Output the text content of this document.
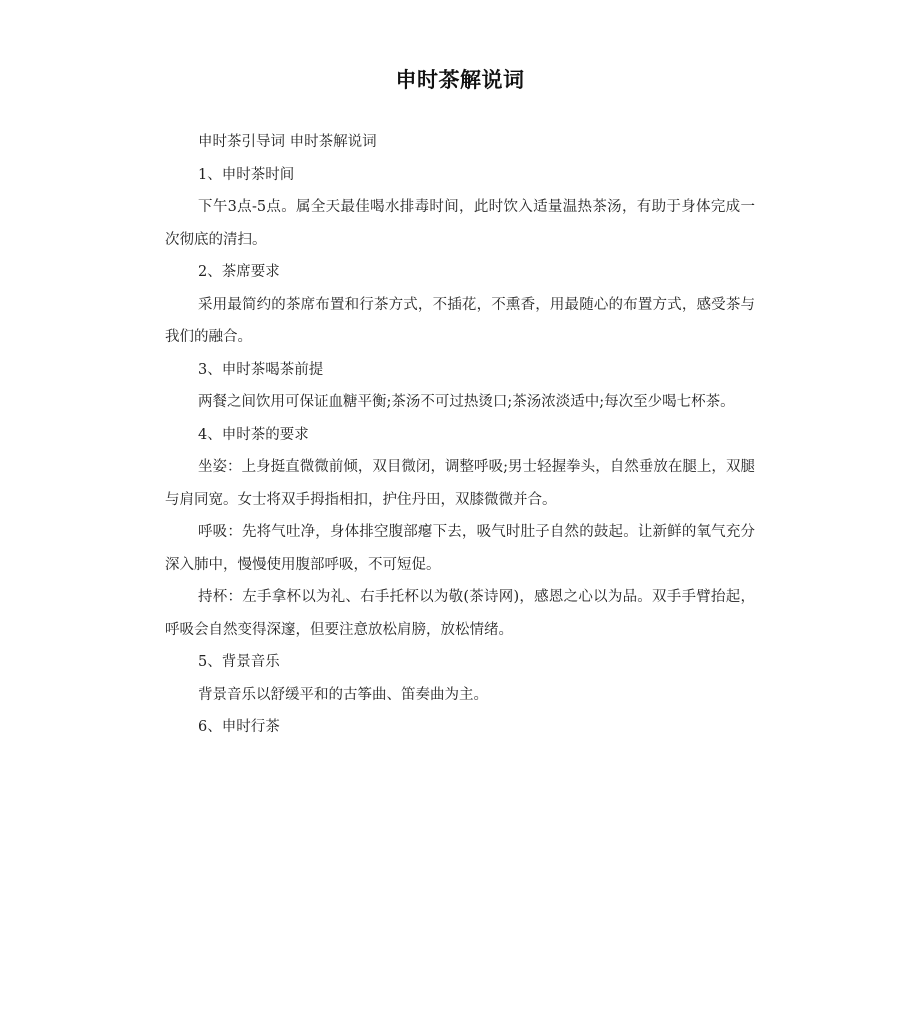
申时茶解说词

申时茶引导词 申时茶解说词

1、申时茶时间

下午3点-5点。属全天最佳喝水排毒时间，此时饮入适量温热茶汤，有助于身体完成一次彻底的清扫。

2、茶席要求

采用最简约的茶席布置和行茶方式，不插花，不熏香，用最随心的布置方式，感受茶与我们的融合。

3、申时茶喝茶前提

两餐之间饮用可保证血糖平衡;茶汤不可过热烫口;茶汤浓淡适中;每次至少喝七杯茶。

4、申时茶的要求

坐姿：上身挺直微微前倾，双目微闭，调整呼吸;男士轻握拳头，自然垂放在腿上，双腿与肩同宽。女士将双手拇指相扣，护住丹田，双膝微微并合。

呼吸：先将气吐净，身体排空腹部瘪下去，吸气时肚子自然的鼓起。让新鲜的氧气充分深入肺中，慢慢使用腹部呼吸，不可短促。

持杯：左手拿杯以为礼、右手托杯以为敬(茶诗网)，感恩之心以为品。双手手臂抬起，呼吸会自然变得深邃，但要注意放松肩膀，放松情绪。

5、背景音乐

背景音乐以舒缓平和的古筝曲、笛奏曲为主。

6、申时行茶
